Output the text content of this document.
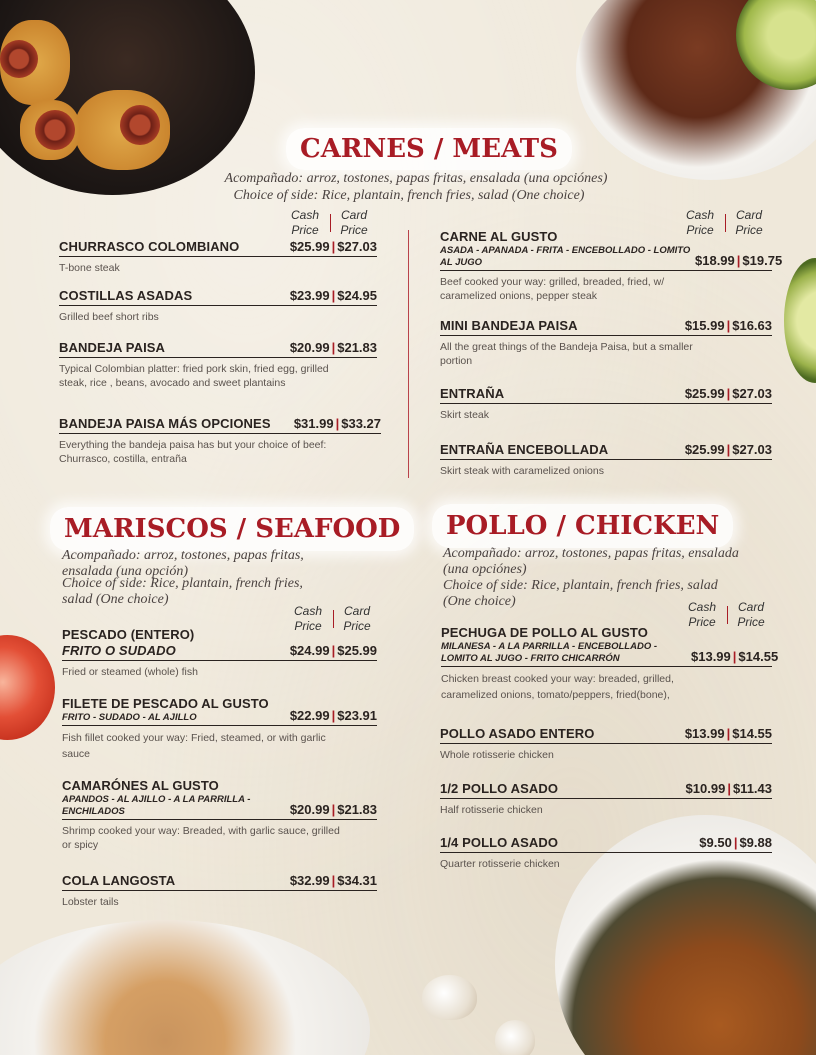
CARNES / MEATS
Acompañado: arroz, tostones, papas fritas, ensalada (una opciónes)
Choice of side: Rice, plantain, french fries, salad (One choice)
Cash Price
Card Price
Cash Price
Card Price
CHURRASCO COLOMBIANO	$25.99 | $27.03
T-bone steak
COSTILLAS ASADAS	$23.99 | $24.95
Grilled beef short ribs
BANDEJA PAISA	$20.99 | $21.83
Typical Colombian platter: fried pork skin, fried egg, grilled steak, rice , beans, avocado and sweet plantains
BANDEJA PAISA MÁS OPCIONES $31.99 | $33.27
Everything the bandeja paisa has but your choice of beef: Churrasco, costilla, entraña
CARNE AL GUSTO
ASADA - APANADA - FRITA - ENCEBOLLADO - LOMITO AL JUGO	$18.99 | $19.75
Beef cooked your way: grilled, breaded, fried, w/ caramelized onions, pepper steak
MINI BANDEJA PAISA	$15.99 | $16.63
All the great things of the Bandeja Paisa, but a smaller portion
ENTRAÑA	$25.99 | $27.03
Skirt steak
ENTRAÑA ENCEBOLLADA	$25.99 | $27.03
Skirt steak with caramelized onions
MARISCOS / SEAFOOD
Acompañado: arroz, tostones, papas fritas, ensalada (una opción)
Choice of side: Rice, plantain, french fries, salad (One choice)
Cash Price
Card Price
PESCADO (ENTERO)
FRITO O SUDADO	$24.99 | $25.99
Fried or steamed (whole) fish
FILETE DE PESCADO AL GUSTO
FRITO - SUDADO - AL AJILLO	$22.99 | $23.91
Fish fillet cooked your way: Fried, steamed, or with garlic sauce
CAMARÓNES AL GUSTO
APANDOS - AL AJILLO - A LA PARRILLA - ENCHILADOS	$20.99 | $21.83
Shrimp cooked your way: Breaded, with garlic sauce, grilled or spicy
COLA LANGOSTA	$32.99 | $34.31
Lobster tails
POLLO / CHICKEN
Acompañado: arroz, tostones, papas fritas, ensalada (una opciónes)
Choice of side: Rice, plantain, french fries, salad (One choice)	Cash Price
Card Price
PECHUGA DE POLLO AL GUSTO
MILANESA - A LA PARRILLA - ENCEBOLLADO - LOMITO AL JUGO - FRITO CHICARRÓN	$13.99 | $14.55
Chicken breast cooked your way: breaded, grilled, caramelized onions, tomato/peppers, fried(bone),
POLLO ASADO ENTERO	$13.99 | $14.55
Whole rotisserie chicken
1/2 POLLO ASADO	$10.99 | $11.43
Half rotisserie chicken
1/4 POLLO ASADO	$9.50 | $9.88
Quarter rotisserie chicken
